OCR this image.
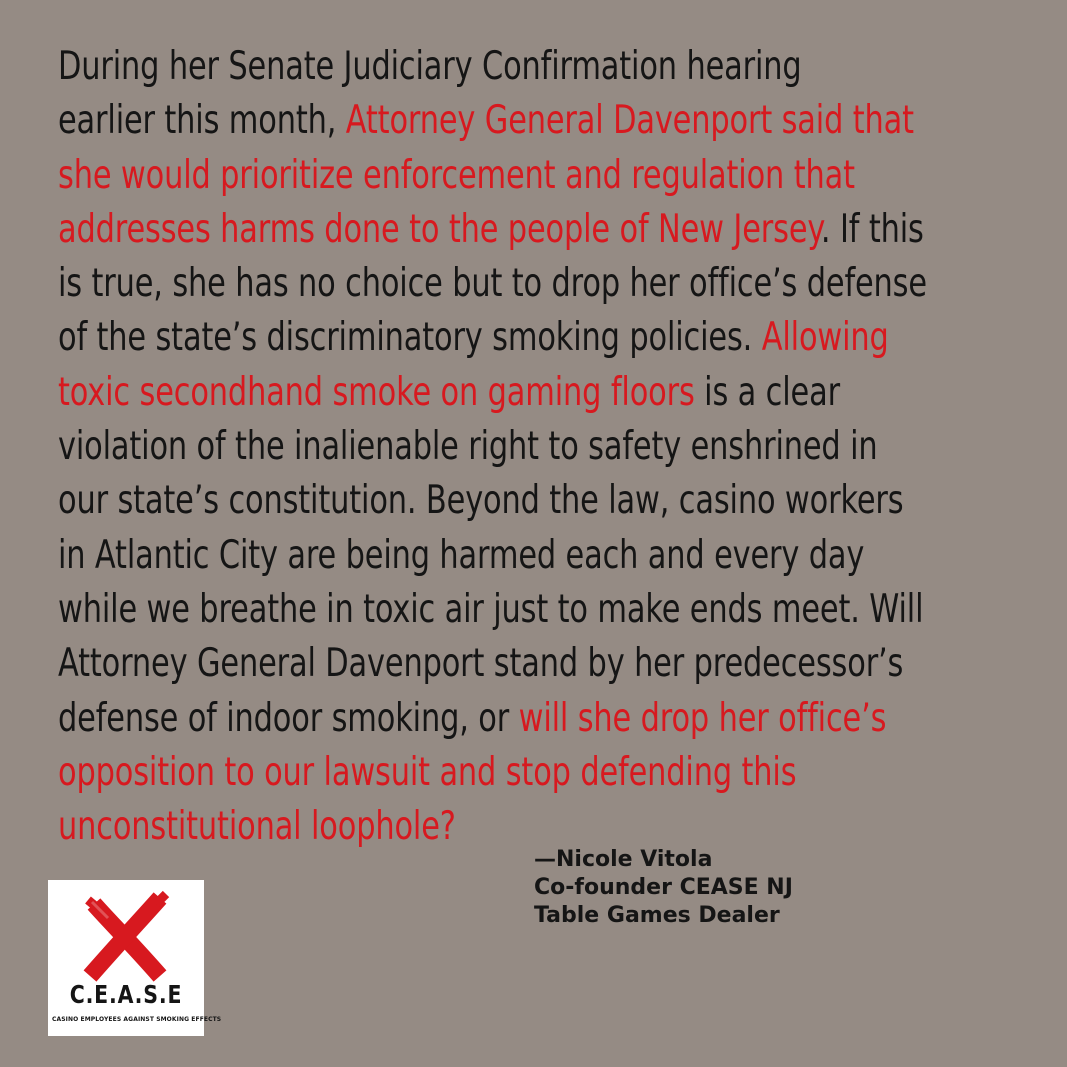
During her Senate Judiciary Confirmation hearing
earlier this month, Attorney General Davenport said that
she would prioritize enforcement and regulation that
addresses harms done to the people of New Jersey. If this
is true, she has no choice but to drop her office’s defense
of the state’s discriminatory smoking policies. Allowing
toxic secondhand smoke on gaming floors is a clear
violation of the inalienable right to safety enshrined in
our state’s constitution. Beyond the law, casino workers
in Atlantic City are being harmed each and every day
while we breathe in toxic air just to make ends meet. Will
Attorney General Davenport stand by her predecessor’s
defense of indoor smoking, or will she drop her office’s
opposition to our lawsuit and stop defending this
unconstitutional loophole?

—Nicole Vitola
Co-founder CEASE NJ
Table Games Dealer
C.E.A.S.E
CASINO EMPLOYEES AGAINST SMOKING EFFECTS
